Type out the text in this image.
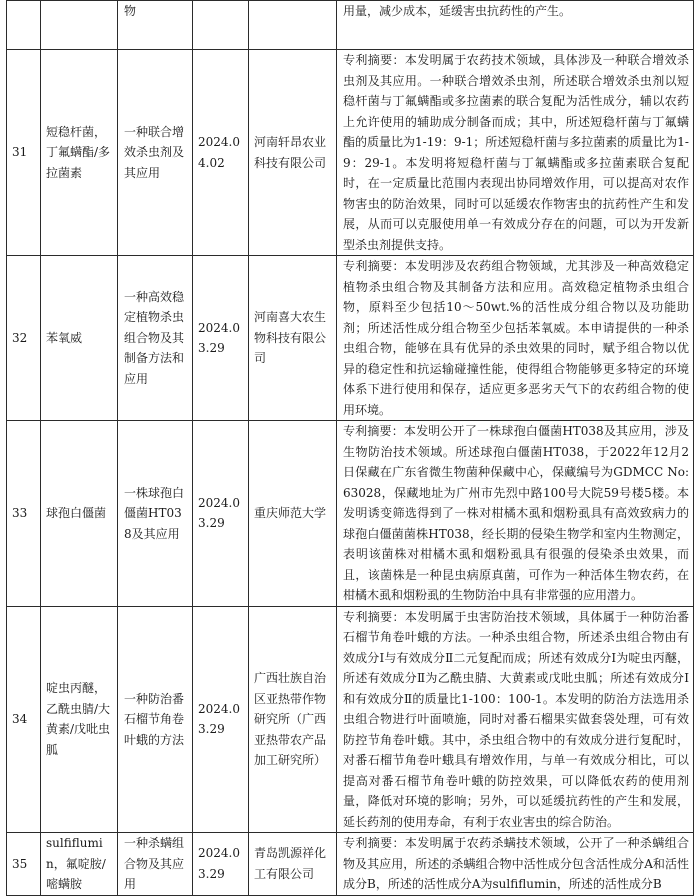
		物			用量，减少成本，延缓害虫抗药性的产生。
31	短稳杆菌，丁氟螨酯/多拉菌素	一种联合增效杀虫剂及其应用	2024.04.02	河南轩昂农业科技有限公司	专利摘要：本发明属于农药技术领域，具体涉及一种联合增效杀虫剂及其应用。一种联合增效杀虫剂，所述联合增效杀虫剂以短稳杆菌与丁氟螨酯或多拉菌素的联合复配为活性成分，辅以农药上允许使用的辅助成分制备而成；其中，所述短稳杆菌与丁氟螨酯的质量比为1-19：9-1；所述短稳杆菌与多拉菌素的质量比为1-9：29-1。本发明将短稳杆菌与丁氟螨酯或多拉菌素联合复配时，在一定质量比范围内表现出协同增效作用，可以提高对农作物害虫的防治效果，同时可以延缓农作物害虫的抗药性产生和发展，从而可以克服使用单一有效成分存在的问题，可以为开发新型杀虫剂提供支持。
32	苯氧威	一种高效稳定植物杀虫组合物及其制备方法和应用	2024.03.29	河南喜大农生物科技有限公司	专利摘要：本发明涉及农药组合物领域，尤其涉及一种高效稳定植物杀虫组合物及其制备方法和应用。高效稳定植物杀虫组合物，原料至少包括10～50wt.%的活性成分组合物以及功能助剂；所述活性成分组合物至少包括苯氧威。本申请提供的一种杀虫组合物，能够在具有优异的杀虫效果的同时，赋予组合物以优异的稳定性和抗运输碰撞性能，使得组合物能够更多特定的环境体系下进行使用和保存，适应更多恶劣天气下的农药组合物的使用环境。
33	球孢白僵菌	一株球孢白僵菌HT038及其应用	2024.03.29	重庆师范大学	专利摘要：本发明公开了一株球孢白僵菌HT038及其应用，涉及生物防治技术领域。所述球孢白僵菌HT038，于2022年12月2日保藏在广东省微生物菌种保藏中心，保藏编号为GDMCC No: 63028，保藏地址为广州市先烈中路100号大院59号楼5楼。本发明诱变筛选得到了一株对柑橘木虱和烟粉虱具有高效致病力的球孢白僵菌菌株HT038，经长期的侵染生物学和室内生物测定，表明该菌株对柑橘木虱和烟粉虱具有很强的侵染杀虫效果，而且，该菌株是一种昆虫病原真菌，可作为一种活体生物农药，在柑橘木虱和烟粉虱的生物防治中具有非常强的应用潜力。
34	啶虫丙醚，乙酰虫腈/大黄素/戊吡虫胍	一种防治番石榴节角卷叶蛾的方法	2024.03.29	广西壮族自治区亚热带作物研究所（广西亚热带农产品加工研究所）	专利摘要：本发明属于虫害防治技术领域，具体属于一种防治番石榴节角卷叶蛾的方法。一种杀虫组合物，所述杀虫组合物由有效成分Ⅰ与有效成分Ⅱ二元复配而成；所述有效成分Ⅰ为啶虫丙醚，所述有效成分Ⅱ为乙酰虫腈、大黄素或戊吡虫胍；所述有效成分Ⅰ和有效成分Ⅱ的质量比1-100：100-1。本发明的防治方法选用杀虫组合物进行叶面喷施，同时对番石榴果实做套袋处理，可有效防控节角卷叶蛾。其中，杀虫组合物中的有效成分进行复配时，对番石榴节角卷叶蛾具有增效作用，与单一有效成分相比，可以提高对番石榴节角卷叶蛾的防控效果，可以降低农药的使用剂量，降低对环境的影响；另外，可以延缓抗药性的产生和发展，延长药剂的使用寿命，有利于农业害虫的综合防治。
35	sulfiflumin，氟啶胺/嘧螨胺	一种杀螨组合物及其应用	2024.03.29	青岛凯源祥化工有限公司	专利摘要：本发明属于农药杀螨技术领域，公开了一种杀螨组合物及其应用，所述的杀螨组合物中活性成分包含活性成分A和活性成分B，所述的活性成分A为sulfiflumin，所述的活性成分B
